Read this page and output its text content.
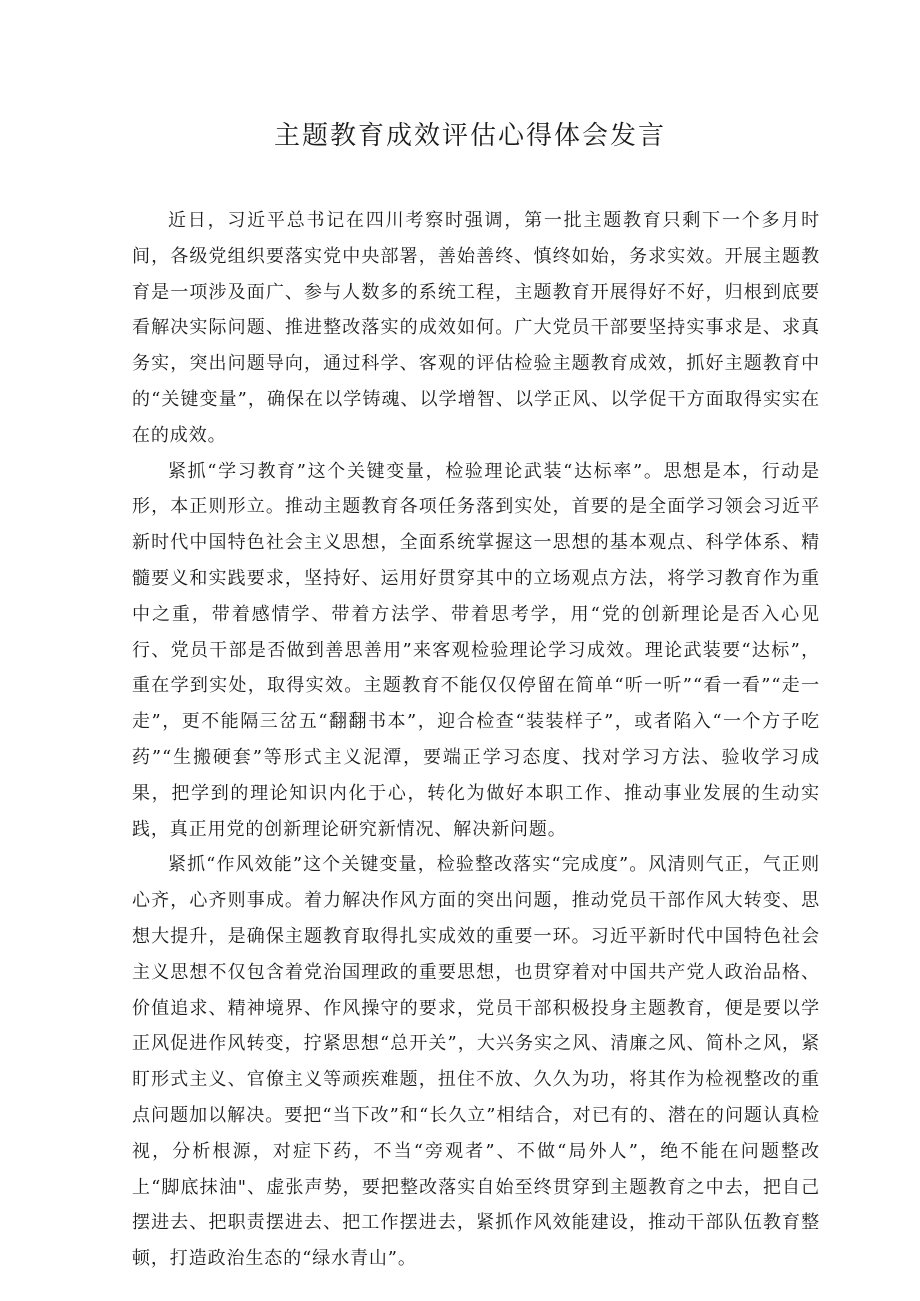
主题教育成效评估心得体会发言

近日，习近平总书记在四川考察时强调，第一批主题教育只剩下一个多月时间，各级党组织要落实党中央部署，善始善终、慎终如始，务求实效。开展主题教育是一项涉及面广、参与人数多的系统工程，主题教育开展得好不好，归根到底要看解决实际问题、推进整改落实的成效如何。广大党员干部要坚持实事求是、求真务实，突出问题导向，通过科学、客观的评估检验主题教育成效，抓好主题教育中的“关键变量”，确保在以学铸魂、以学增智、以学正风、以学促干方面取得实实在在的成效。

紧抓“学习教育”这个关键变量，检验理论武装“达标率”。思想是本，行动是形，本正则形立。推动主题教育各项任务落到实处，首要的是全面学习领会习近平新时代中国特色社会主义思想，全面系统掌握这一思想的基本观点、科学体系、精髓要义和实践要求，坚持好、运用好贯穿其中的立场观点方法，将学习教育作为重中之重，带着感情学、带着方法学、带着思考学，用“党的创新理论是否入心见行、党员干部是否做到善思善用”来客观检验理论学习成效。理论武装要“达标”，重在学到实处，取得实效。主题教育不能仅仅停留在简单“听一听”“看一看”“走一走”，更不能隔三岔五“翻翻书本”，迎合检查“装装样子”，或者陷入“一个方子吃药”“生搬硬套”等形式主义泥潭，要端正学习态度、找对学习方法、验收学习成果，把学到的理论知识内化于心，转化为做好本职工作、推动事业发展的生动实践，真正用党的创新理论研究新情况、解决新问题。

紧抓“作风效能”这个关键变量，检验整改落实“完成度”。风清则气正，气正则心齐，心齐则事成。着力解决作风方面的突出问题，推动党员干部作风大转变、思想大提升，是确保主题教育取得扎实成效的重要一环。习近平新时代中国特色社会主义思想不仅包含着党治国理政的重要思想，也贯穿着对中国共产党人政治品格、价值追求、精神境界、作风操守的要求，党员干部积极投身主题教育，便是要以学正风促进作风转变，拧紧思想“总开关”，大兴务实之风、清廉之风、简朴之风，紧盯形式主义、官僚主义等顽疾难题，扭住不放、久久为功，将其作为检视整改的重点问题加以解决。要把“当下改”和“长久立”相结合，对已有的、潜在的问题认真检视，分析根源，对症下药，不当“旁观者”、不做“局外人”，绝不能在问题整改上“脚底抹油"、虚张声势，要把整改落实自始至终贯穿到主题教育之中去，把自己摆进去、把职责摆进去、把工作摆进去，紧抓作风效能建设，推动干部队伍教育整顿，打造政治生态的“绿水青山”。
